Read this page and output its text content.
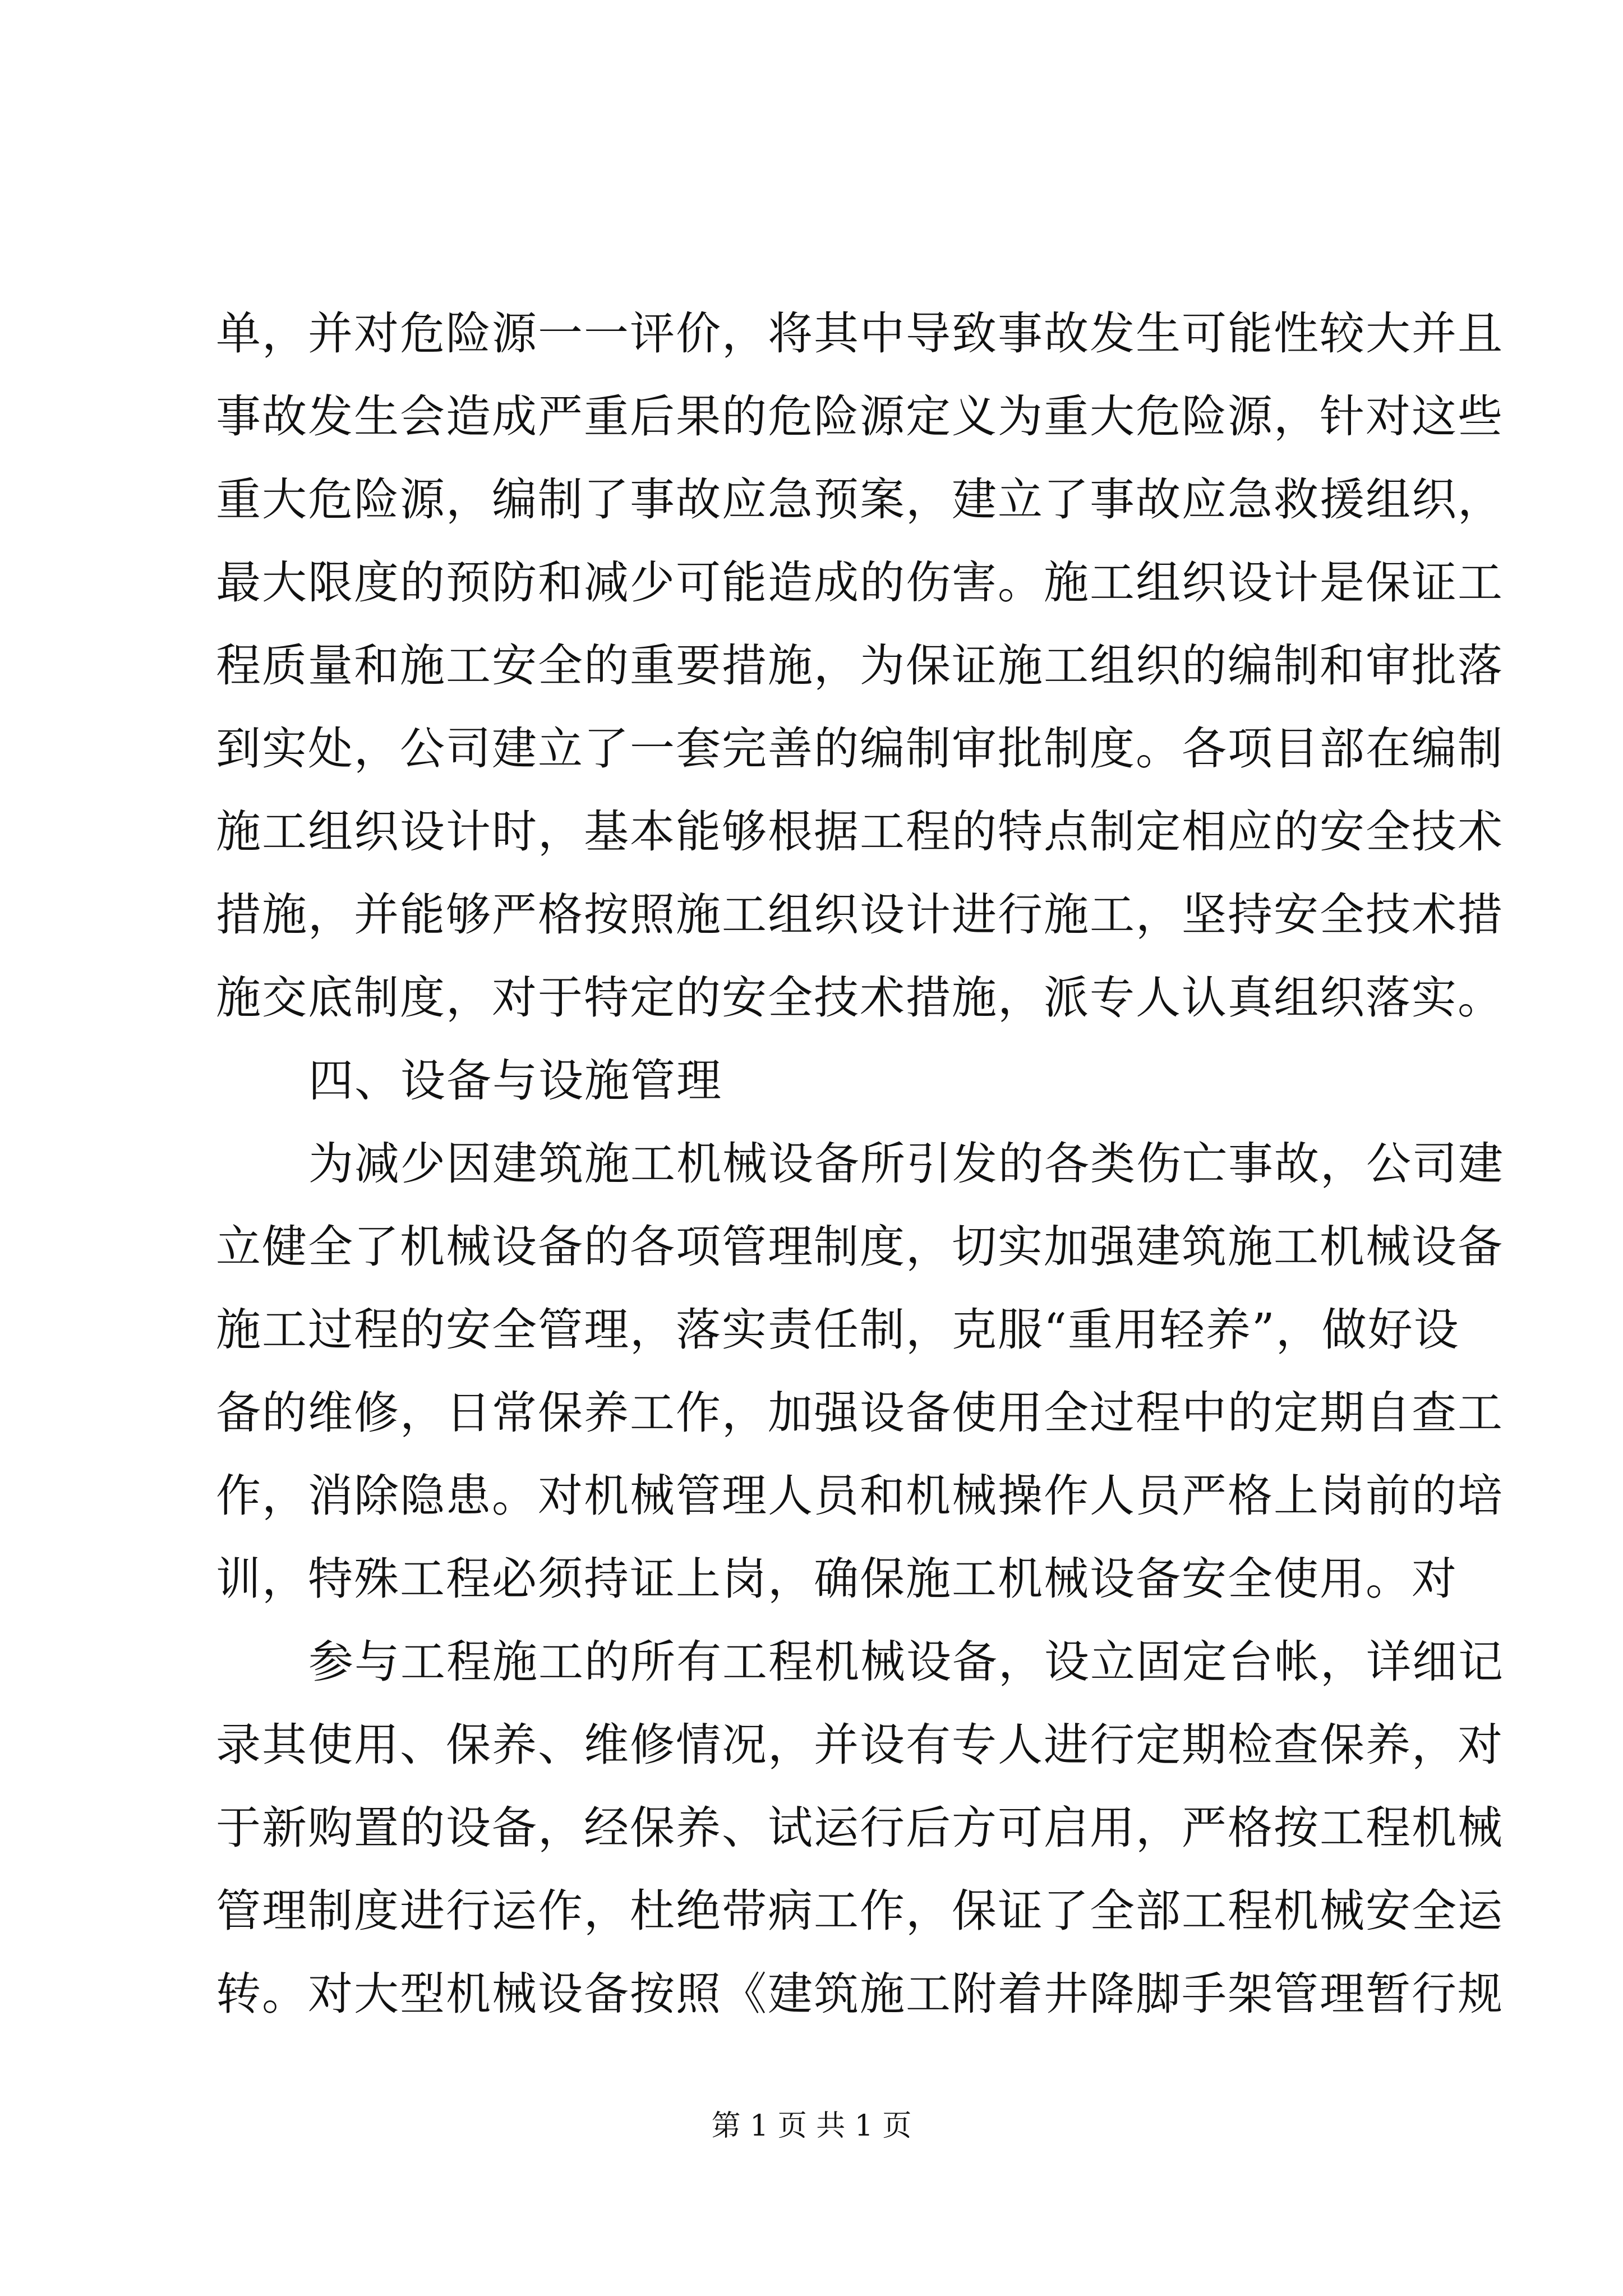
单，并对危险源一一评价，将其中导致事故发生可能性较大并且
事故发生会造成严重后果的危险源定义为重大危险源，针对这些
重大危险源，编制了事故应急预案，建立了事故应急救援组织，
最大限度的预防和减少可能造成的伤害。施工组织设计是保证工
程质量和施工安全的重要措施，为保证施工组织的编制和审批落
到实处，公司建立了一套完善的编制审批制度。各项目部在编制
施工组织设计时，基本能够根据工程的特点制定相应的安全技术
措施，并能够严格按照施工组织设计进行施工，坚持安全技术措
施交底制度，对于特定的安全技术措施，派专人认真组织落实。
四、设备与设施管理
为减少因建筑施工机械设备所引发的各类伤亡事故，公司建
立健全了机械设备的各项管理制度，切实加强建筑施工机械设备
施工过程的安全管理，落实责任制，克服“重用轻养”，做好设
备的维修，日常保养工作，加强设备使用全过程中的定期自查工
作，消除隐患。对机械管理人员和机械操作人员严格上岗前的培
训，特殊工程必须持证上岗，确保施工机械设备安全使用。对
参与工程施工的所有工程机械设备，设立固定台帐，详细记
录其使用、保养、维修情况，并设有专人进行定期检查保养，对
于新购置的设备，经保养、试运行后方可启用，严格按工程机械
管理制度进行运作，杜绝带病工作，保证了全部工程机械安全运
转。对大型机械设备按照《建筑施工附着井降脚手架管理暂行规
第 1 页 共 1 页
